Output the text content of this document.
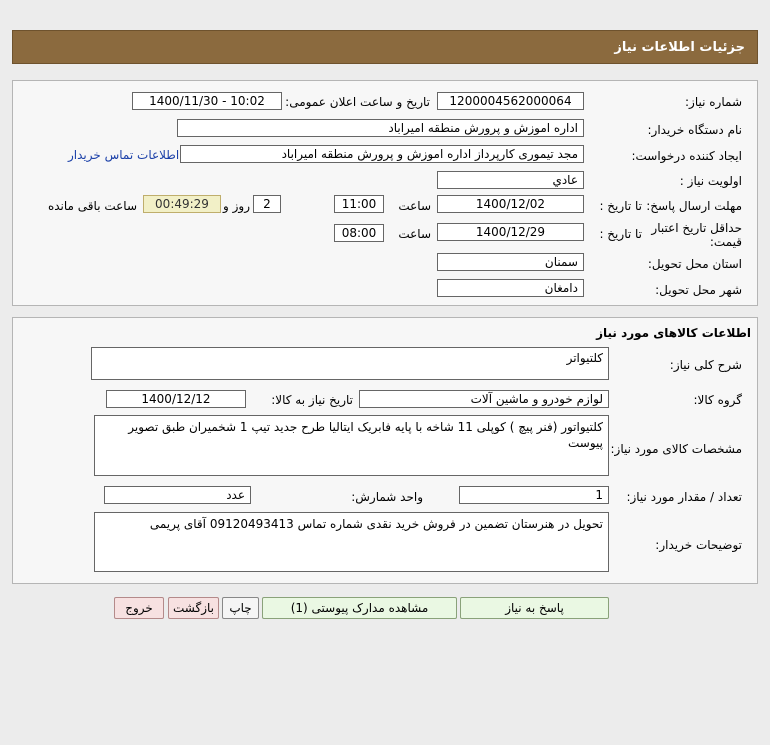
جزئیات اطلاعات نیاز
شماره نیاز:
1200004562000064
تاریخ و ساعت اعلان عمومی:
1400/11/30 - 10:02
نام دستگاه خریدار:
اداره اموزش و پرورش منطقه امیراباد
ایجاد کننده درخواست:
مجد تیموری کارپرداز اداره اموزش و پرورش منطقه امیراباد
اطلاعات تماس خریدار
اولویت نیاز :
عادي
مهلت ارسال پاسخ:
تا تاریخ :
1400/12/02
ساعت
11:00
2
روز و
00:49:29
ساعت باقی مانده
حداقل تاریخ اعتبار
قیمت:
تا تاریخ :
1400/12/29
ساعت
08:00
استان محل تحویل:
سمنان
شهر محل تحویل:
دامغان
اطلاعات کالاهای مورد نیاز
شرح کلی نیاز:
کلتیواتر
گروه کالا:
لوازم خودرو و ماشین آلات
تاریخ نیاز به کالا:
1400/12/12
مشخصات کالای مورد نیاز:
کلتیواتور (فنر پیچ ) کوپلی 11 شاخه با پایه فابریک ایتالیا طرح جدید تیپ 1 شخمیران طبق تصویر پیوست
تعداد / مقدار مورد نیاز:
1
واحد شمارش:
عدد
توضیحات خریدار:
تحویل در هنرستان تضمین در فروش خرید نقدی شماره تماس 09120493413 آقای پریمی
پاسخ به نیاز
مشاهده مدارک پیوستی (1)
چاپ
بازگشت
خروج
